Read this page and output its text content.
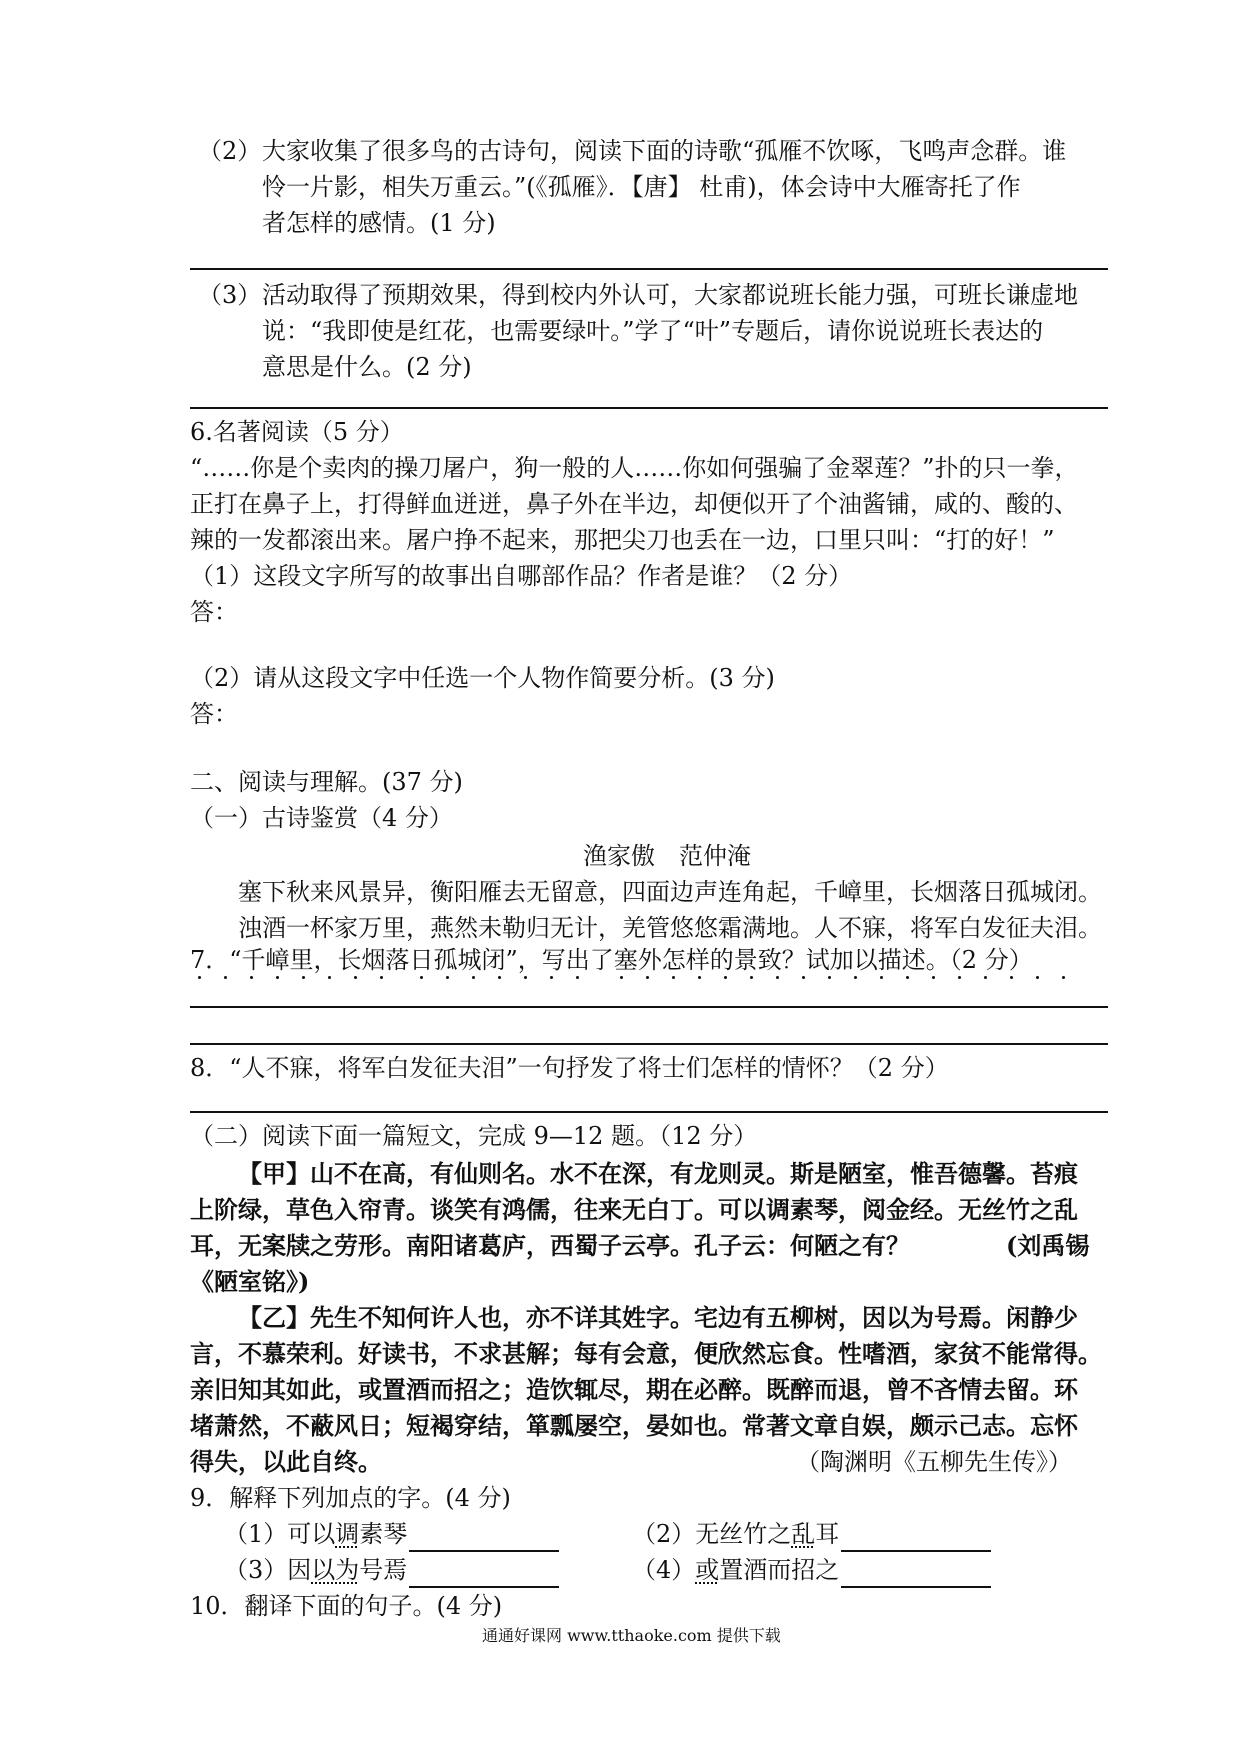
（2） 大家收集了很多鸟的古诗句，阅读下面的诗歌“孤雁不饮啄，飞鸣声念群。谁
怜一片影，相失万重云。”(《孤雁》．【唐】 杜甫)，体会诗中大雁寄托了作
者怎样的感情。(1 分)
（3） 活动取得了预期效果，得到校内外认可，大家都说班长能力强，可班长谦虚地
说：“我即使是红花，也需要绿叶。”学了“叶”专题后，请你说说班长表达的
意思是什么。(2 分)
6.名著阅读（5 分）
“……你是个卖肉的操刀屠户，狗一般的人……你如何强骗了金翠莲？”扑的只一拳，
正打在鼻子上，打得鲜血迸迸，鼻子外在半边，却便似开了个油酱铺，咸的、酸的、
辣的一发都滚出来。屠户挣不起来，那把尖刀也丢在一边，口里只叫：“打的好！”
（1）这段文字所写的故事出自哪部作品？作者是谁？（2 分）
答：
（2）请从这段文字中任选一个人物作简要分析。(3 分)
答：
二、阅读与理解。(37 分)
（一）古诗鉴赏（4 分）
渔家傲　范仲淹
塞下秋来风景异，衡阳雁去无留意，四面边声连角起，千嶂里，长烟落日孤城闭。
浊酒一杯家万里，燕然未勒归无计，羌管悠悠霜满地。人不寐，将军白发征夫泪。
7．“千嶂里，长烟落日孤城闭”，写出了塞外怎样的景致？试加以描述。（2 分）
8．“人不寐，将军白发征夫泪”一句抒发了将士们怎样的情怀？（2 分）
（二）阅读下面一篇短文，完成 9—12 题。（12 分）
【甲】山不在高，有仙则名。水不在深，有龙则灵。斯是陋室，惟吾德馨。苔痕
上阶绿，草色入帘青。谈笑有鸿儒，往来无白丁。可以调素琴，阅金经。无丝竹之乱
耳，无案牍之劳形。南阳诸葛庐，西蜀子云亭。孔子云：何陋之有？	(刘禹锡
《陋室铭》)
【乙】先生不知何许人也，亦不详其姓字。宅边有五柳树，因以为号焉。闲静少
言，不慕荣利。好读书，不求甚解；每有会意，便欣然忘食。性嗜酒，家贫不能常得。
亲旧知其如此，或置酒而招之；造饮辄尽，期在必醉。既醉而退，曾不吝情去留。环
堵萧然，不蔽风日；短褐穿结，箪瓢屡空，晏如也。常著文章自娱，颇示己志。忘怀
得失，以此自终。	（陶渊明《五柳先生传》）
9．解释下列加点的字。(4 分)
（1）可以调素琴	（2）无丝竹之乱耳
（3）因以为号焉	（4）或置酒而招之
10．翻译下面的句子。(4 分)
通通好课网 www.tthaoke.com 提供下载
